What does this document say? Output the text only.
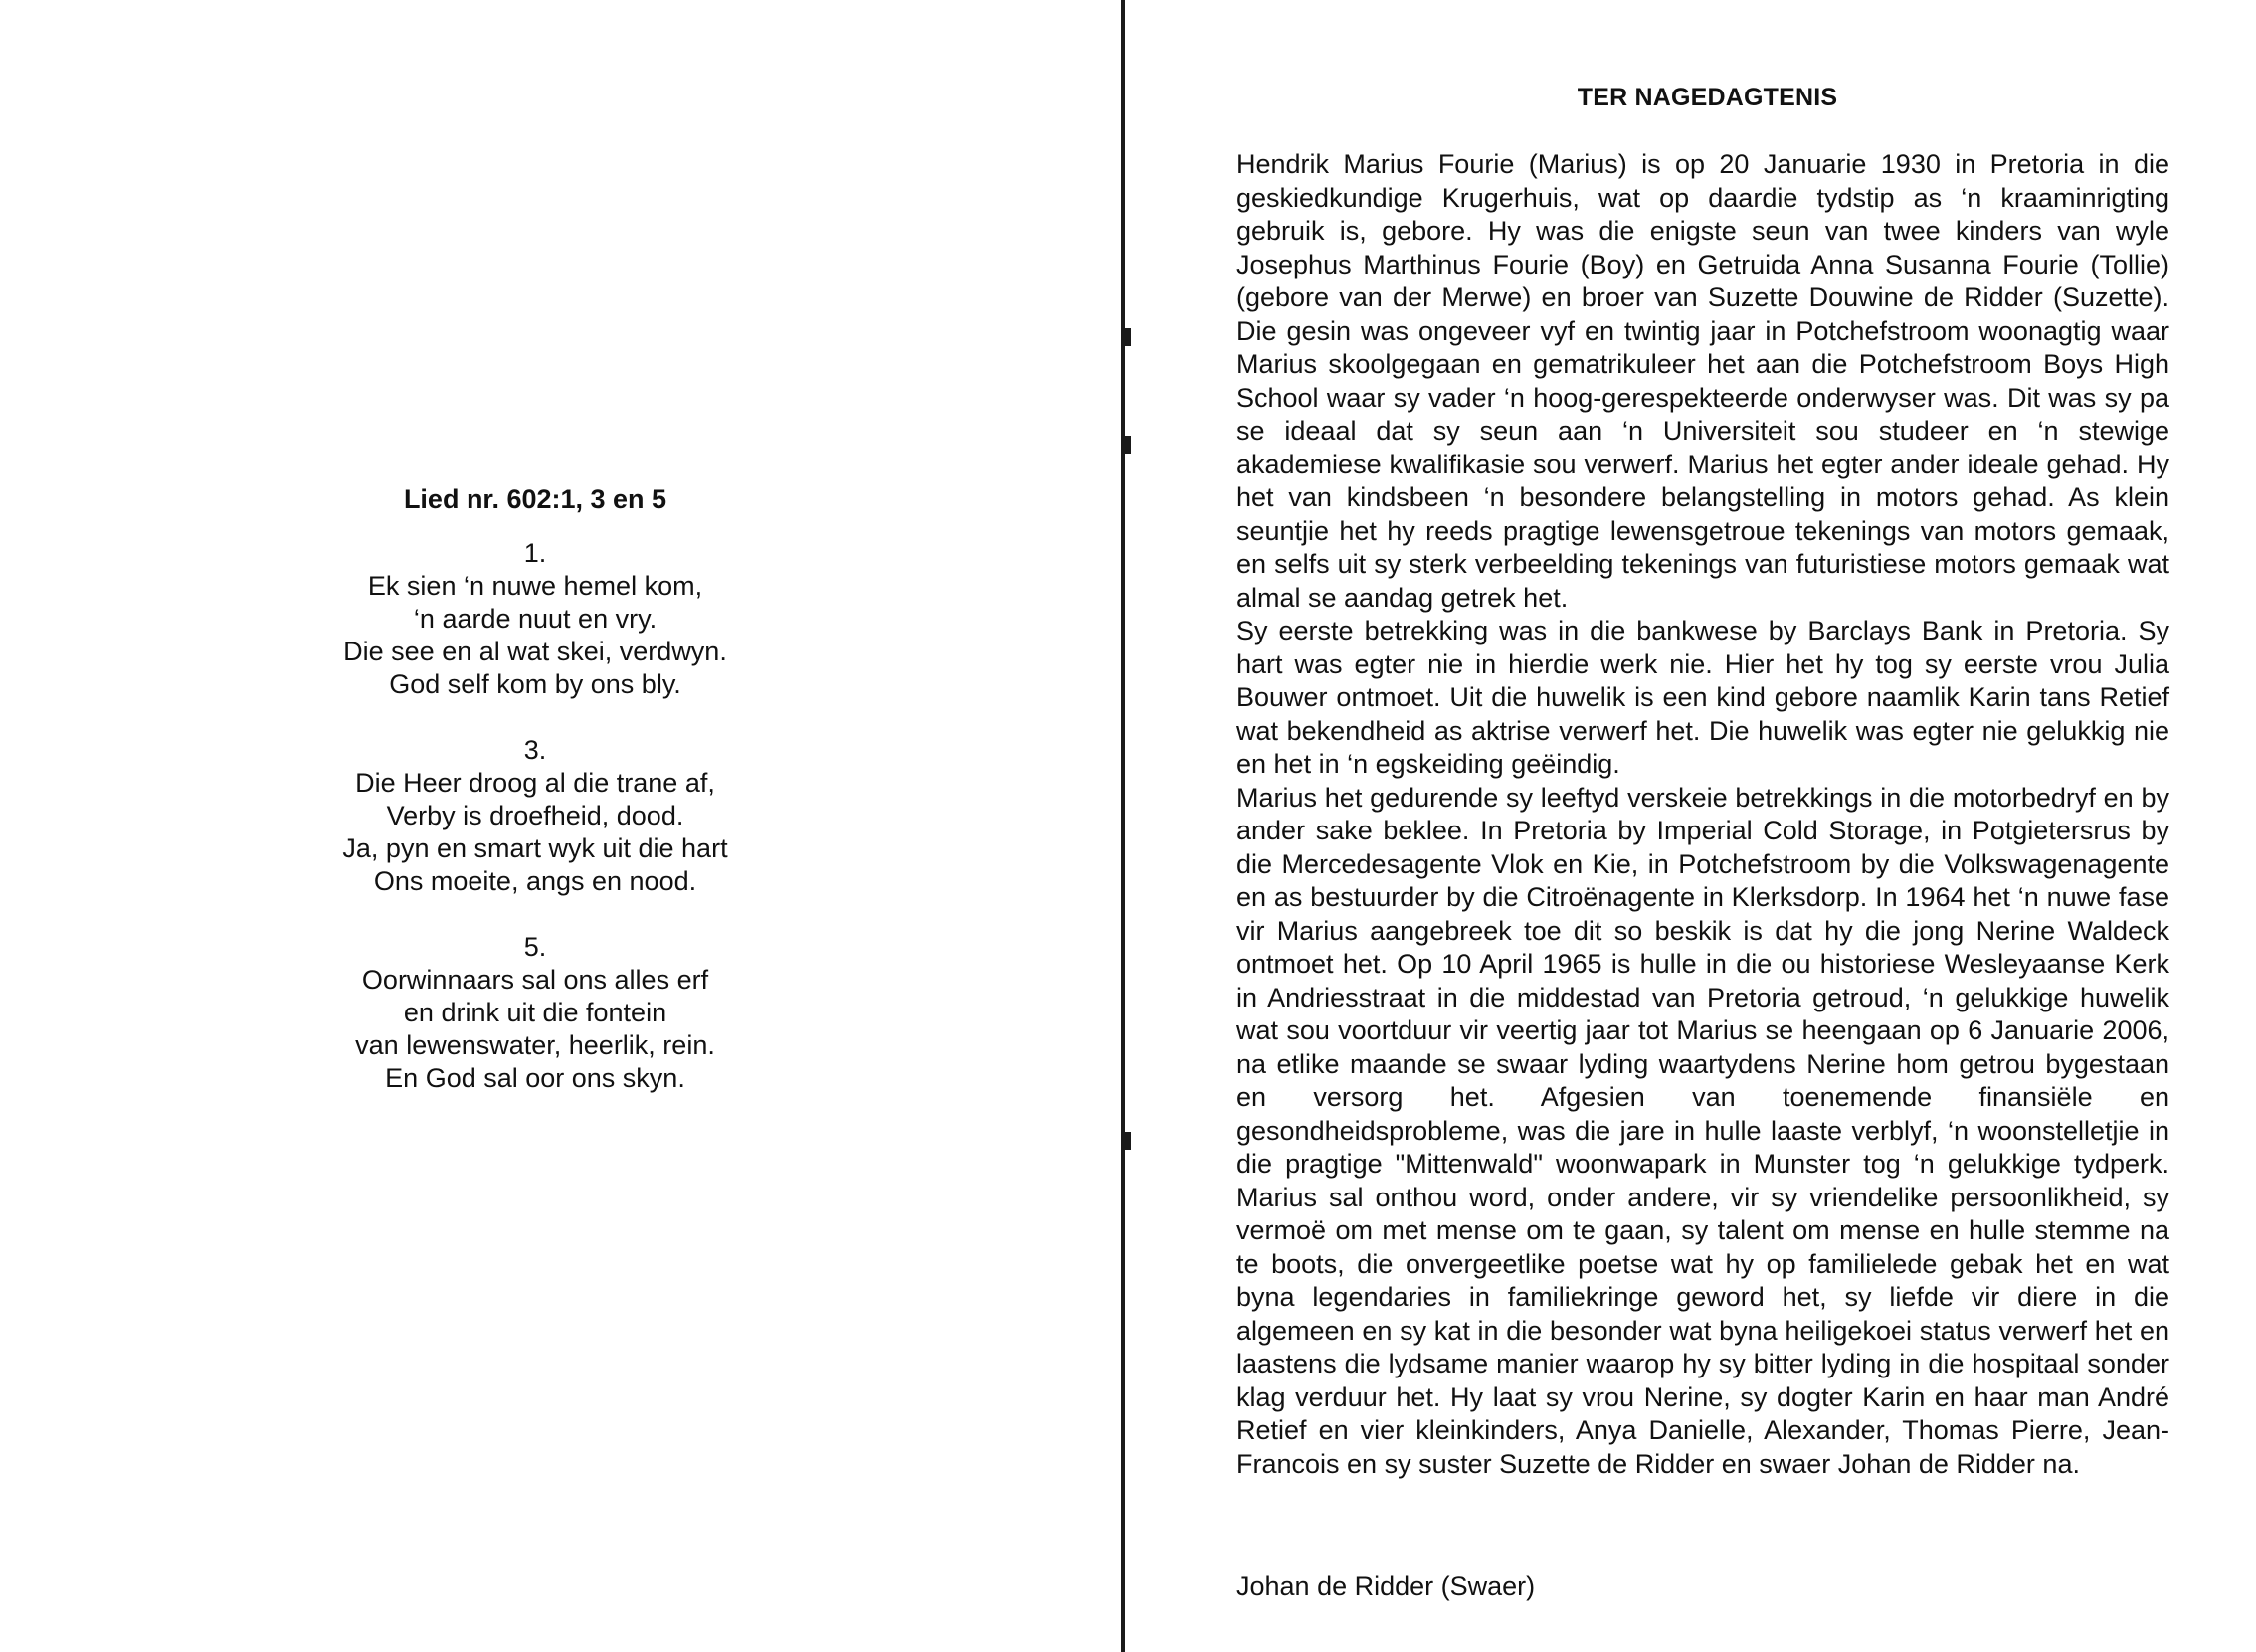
Lied nr. 602:1, 3 en 5
1.
Ek sien ‘n nuwe hemel kom,
‘n aarde nuut en vry.
Die see en al wat skei, verdwyn.
God self kom by ons bly.
3.
Die Heer droog al die trane af,
Verby is droefheid, dood.
Ja, pyn en smart wyk uit die hart
Ons moeite, angs en nood.
5.
Oorwinnaars sal ons alles erf
en drink uit die fontein
van lewenswater, heerlik, rein.
En God sal oor ons skyn.
TER NAGEDAGTENIS

Hendrik Marius Fourie (Marius) is op 20 Januarie 1930 in Pretoria in die geskiedkundige Krugerhuis, wat op daardie tydstip as ‘n kraaminrigting gebruik is, gebore. Hy was die enigste seun van twee kinders van wyle Josephus Marthinus Fourie (Boy) en Getruida Anna Susanna Fourie (Tollie) (gebore van der Merwe) en broer van Suzette Douwine de Ridder (Suzette). Die gesin was ongeveer vyf en twintig jaar in Potchefstroom woonagtig waar Marius skoolgegaan en gematrikuleer het aan die Potchefstroom Boys High School waar sy vader ‘n hoog-gerespekteerde onderwyser was. Dit was sy pa se ideaal dat sy seun aan ‘n Universiteit sou studeer en ‘n stewige akademiese kwalifikasie sou verwerf. Marius het egter ander ideale gehad. Hy het van kindsbeen ‘n besondere belangstelling in motors gehad. As klein seuntjie het hy reeds pragtige lewensgetroue tekenings van motors gemaak, en selfs uit sy sterk verbeelding tekenings van futuristiese motors gemaak wat almal se aandag getrek het.

Sy eerste betrekking was in die bankwese by Barclays Bank in Pretoria. Sy hart was egter nie in hierdie werk nie. Hier het hy tog sy eerste vrou Julia Bouwer ontmoet. Uit die huwelik is een kind gebore naamlik Karin tans Retief wat bekendheid as aktrise verwerf het. Die huwelik was egter nie gelukkig nie en het in ‘n egskeiding geëindig.

Marius het gedurende sy leeftyd verskeie betrekkings in die motorbedryf en by ander sake beklee. In Pretoria by Imperial Cold Storage, in Potgietersrus by die Mercedesagente Vlok en Kie, in Potchefstroom by die Volkswagenagente en as bestuurder by die Citroënagente in Klerksdorp. In 1964 het ‘n nuwe fase vir Marius aangebreek toe dit so beskik is dat hy die jong Nerine Waldeck ontmoet het. Op 10 April 1965 is hulle in die ou historiese Wesleyaanse Kerk in Andriesstraat in die middestad van Pretoria getroud, ‘n gelukkige huwelik wat sou voortduur vir veertig jaar tot Marius se heengaan op 6 Januarie 2006, na etlike maande se swaar lyding waartydens Nerine hom getrou bygestaan en versorg het. Afgesien van toenemende finansiële en gesondheidsprobleme, was die jare in hulle laaste verblyf, ‘n woonstelletjie in die pragtige "Mittenwald" woonwapark in Munster tog ‘n gelukkige tydperk. Marius sal onthou word, onder andere, vir sy vriendelike persoonlikheid, sy vermoë om met mense om te gaan, sy talent om mense en hulle stemme na te boots, die onvergeetlike poetse wat hy op familielede gebak het en wat byna legendaries in familiekringe geword het, sy liefde vir diere in die algemeen en sy kat in die besonder wat byna heiligekoei status verwerf het en laastens die lydsame manier waarop hy sy bitter lyding in die hospitaal sonder klag verduur het. Hy laat sy vrou Nerine, sy dogter Karin en haar man André Retief en vier kleinkinders, Anya Danielle, Alexander, Thomas Pierre, Jean-Francois en sy suster Suzette de Ridder en swaer Johan de Ridder na.

Johan de Ridder (Swaer)
